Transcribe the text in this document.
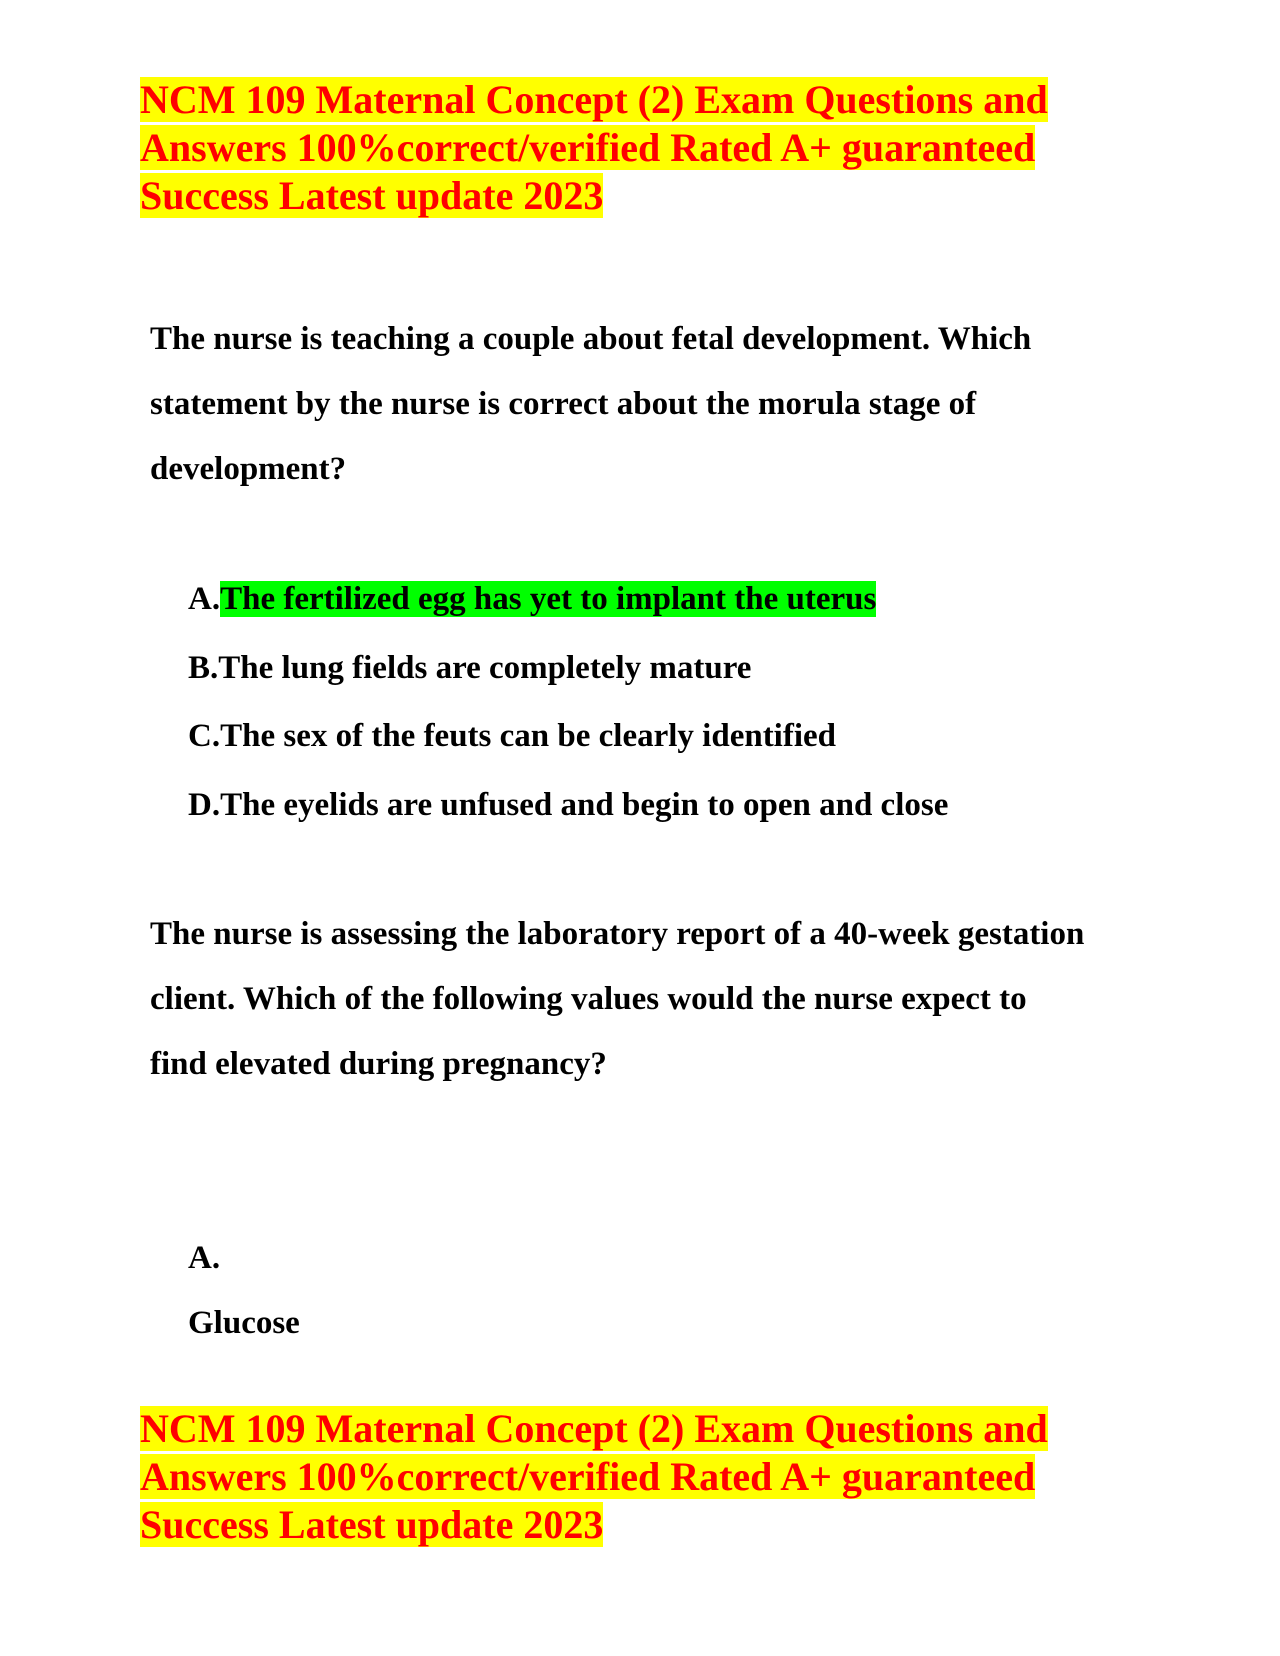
NCM 109 Maternal Concept (2) Exam Questions and Answers 100%correct/verified Rated A+ guaranteed Success Latest update 2023

The nurse is teaching a couple about fetal development. Which statement by the nurse is correct about the morula stage of development?

A.The fertilized egg has yet to implant the uterus
B.The lung fields are completely mature
C.The sex of the feuts can be clearly identified
D.The eyelids are unfused and begin to open and close

The nurse is assessing the laboratory report of a 40-week gestation client. Which of the following values would the nurse expect to find elevated during pregnancy?

A.
Glucose
NCM 109 Maternal Concept (2) Exam Questions and Answers 100%correct/verified Rated A+ guaranteed Success Latest update 2023
